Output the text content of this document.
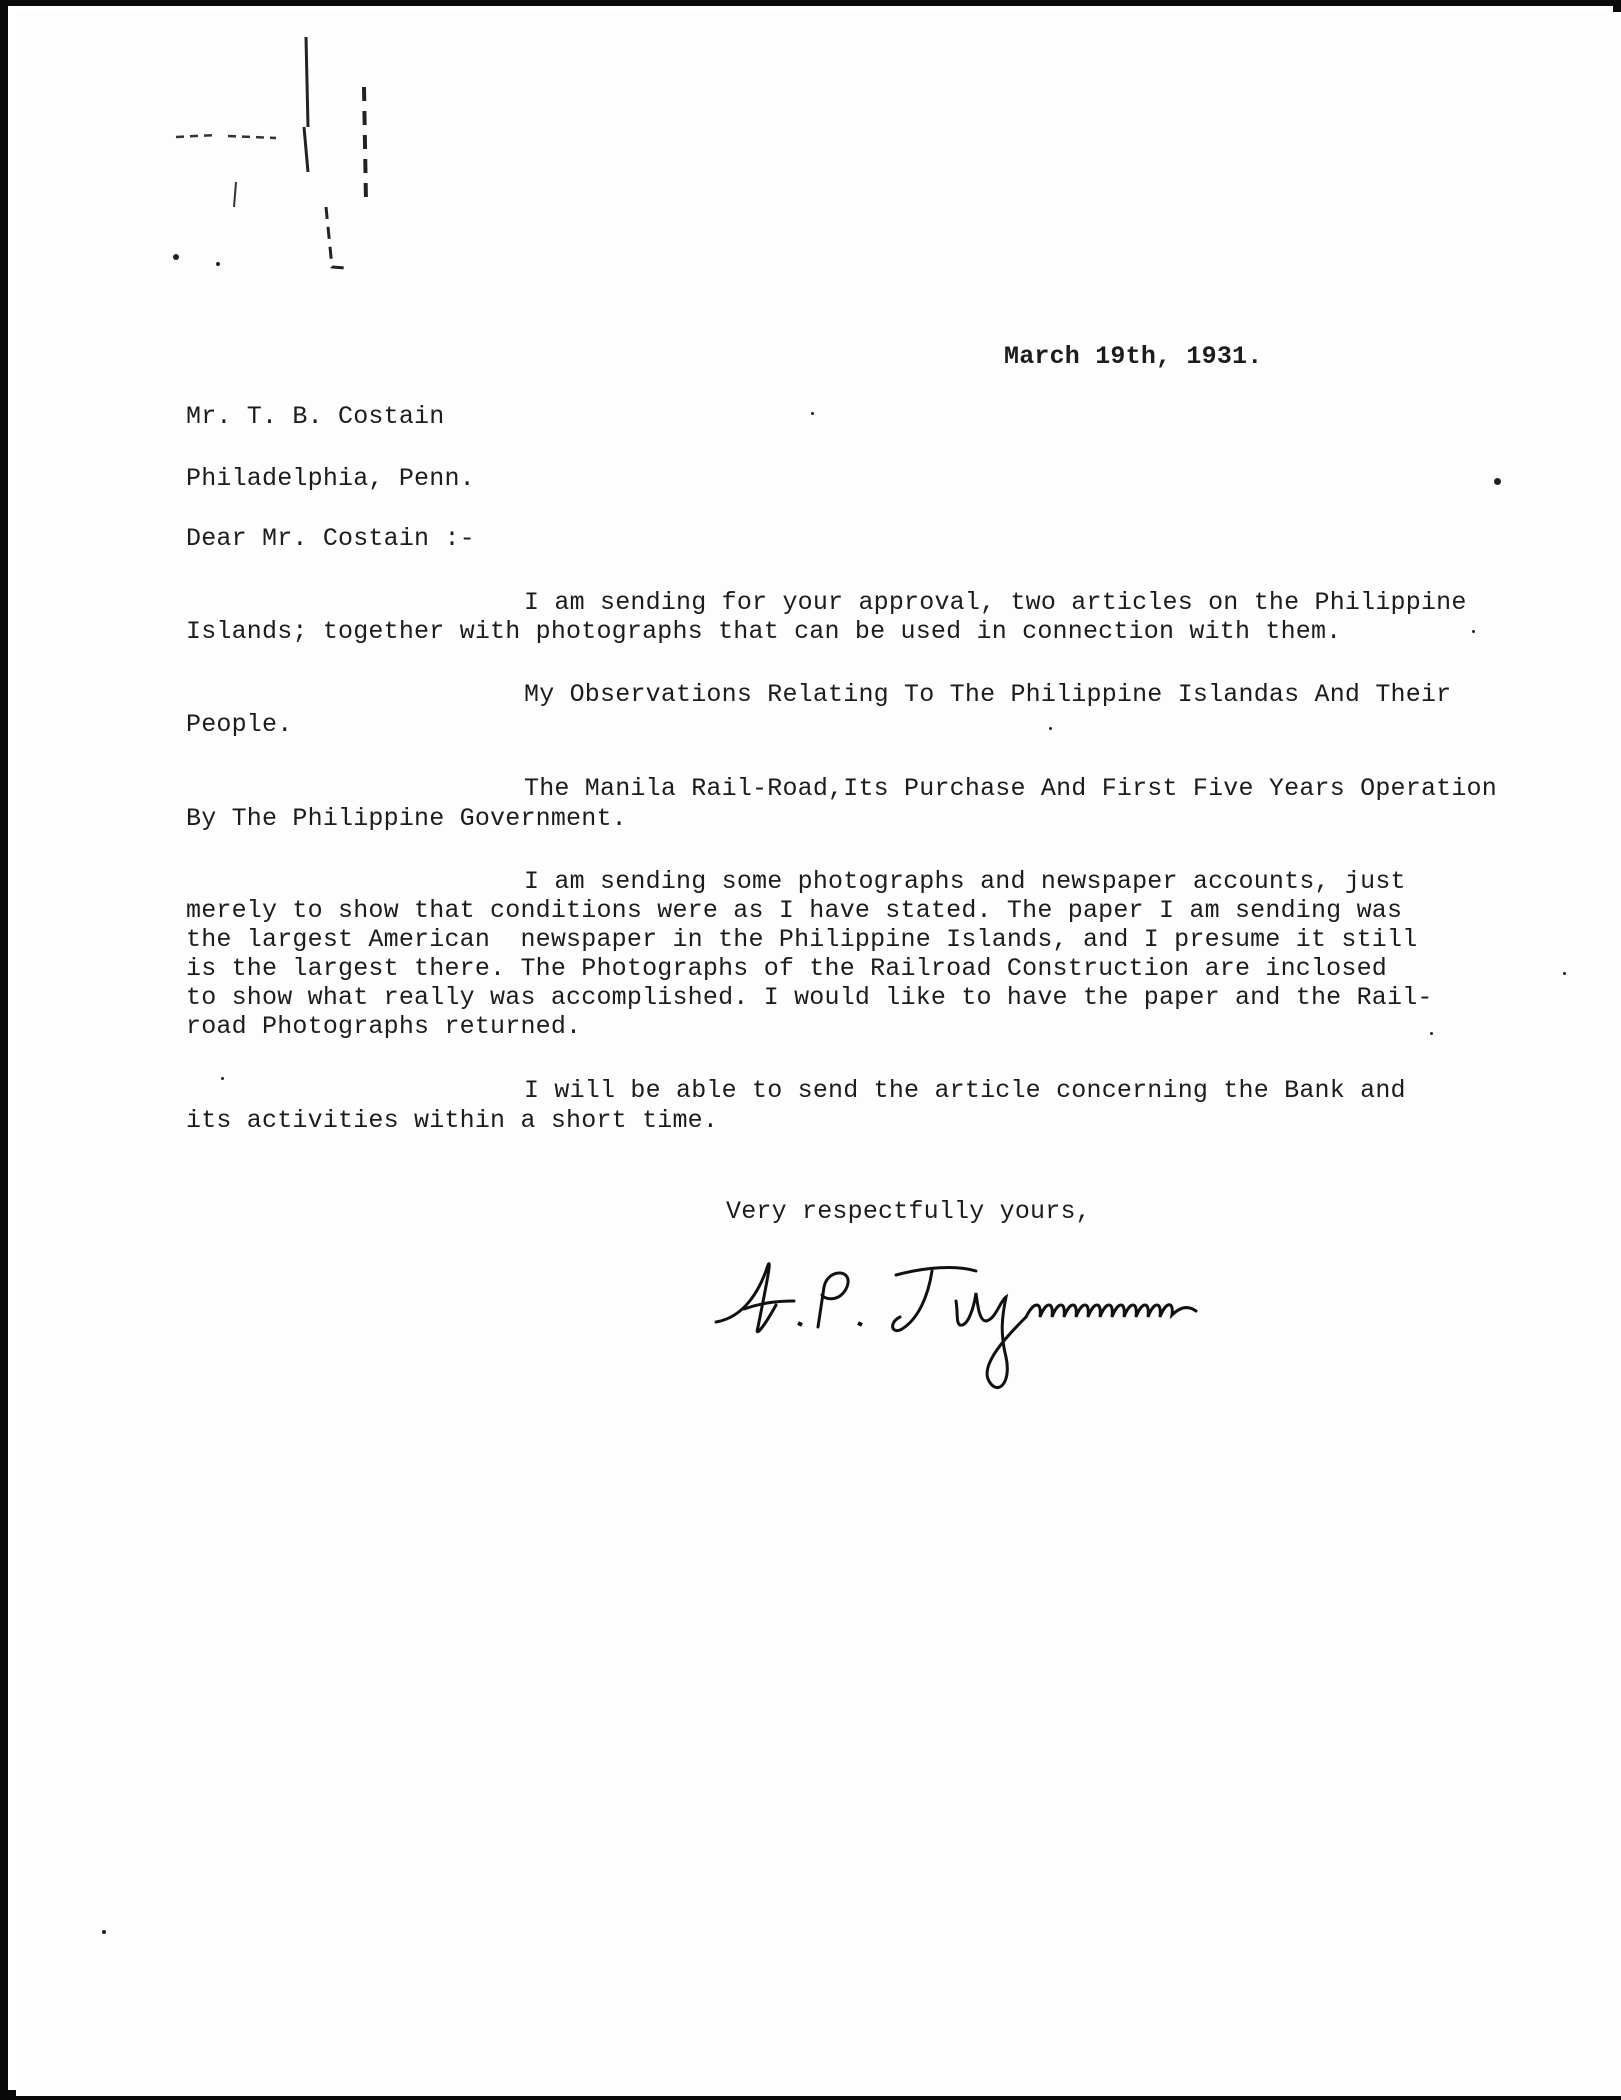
March 19th, 1931.
Mr. T. B. Costain
Philadelphia, Penn.
Dear Mr. Costain :-
I am sending for your approval, two articles on the Philippine
Islands; together with photographs that can be used in connection with them.
My Observations Relating To The Philippine Islandas And Their
People.
The Manila Rail-Road,Its Purchase And First Five Years Operation
By The Philippine Government.
I am sending some photographs and newspaper accounts, just
merely to show that conditions were as I have stated. The paper I am sending was
the largest American  newspaper in the Philippine Islands, and I presume it still
is the largest there. The Photographs of the Railroad Construction are inclosed
to show what really was accomplished. I would like to have the paper and the Rail-
road Photographs returned.
I will be able to send the article concerning the Bank and
its activities within a short time.
Very respectfully yours,
